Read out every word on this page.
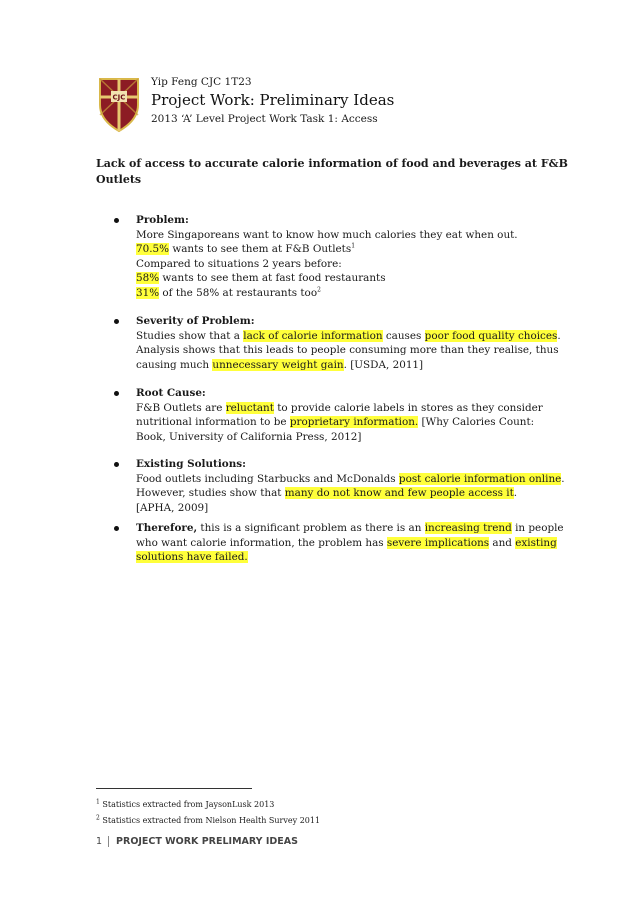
CJC
Yip Feng CJC 1T23
Project Work: Preliminary Ideas
2013 ‘A’ Level Project Work Task 1: Access
Lack of access to accurate calorie information of food and beverages at F&B
Outlets
Problem:
More Singaporeans want to know how much calories they eat when out.
70.5% wants to see them at F&B Outlets$^1$
Compared to situations 2 years before:
58% wants to see them at fast food restaurants
31% of the 58% at restaurants too$^2$
Severity of Problem:
Studies show that a lack of calorie information causes poor food quality choices.
Analysis shows that this leads to people consuming more than they realise, thus
causing much unnecessary weight gain. [USDA, 2011]
Root Cause:
F&B Outlets are reluctant to provide calorie labels in stores as they consider
nutritional information to be proprietary information. [Why Calories Count:
Book, University of California Press, 2012]
Existing Solutions:
Food outlets including Starbucks and McDonalds post calorie information online.
However, studies show that many do not know and few people access it.
[APHA, 2009]
Therefore, this is a significant problem as there is an increasing trend in people
who want calorie information, the problem has severe implications and existing
solutions have failed.
$^1$ Statistics extracted from JaysonLusk 2013
$^2$ Statistics extracted from Nielson Health Survey 2011
1 PROJECT WORK PRELIMARY IDEAS
